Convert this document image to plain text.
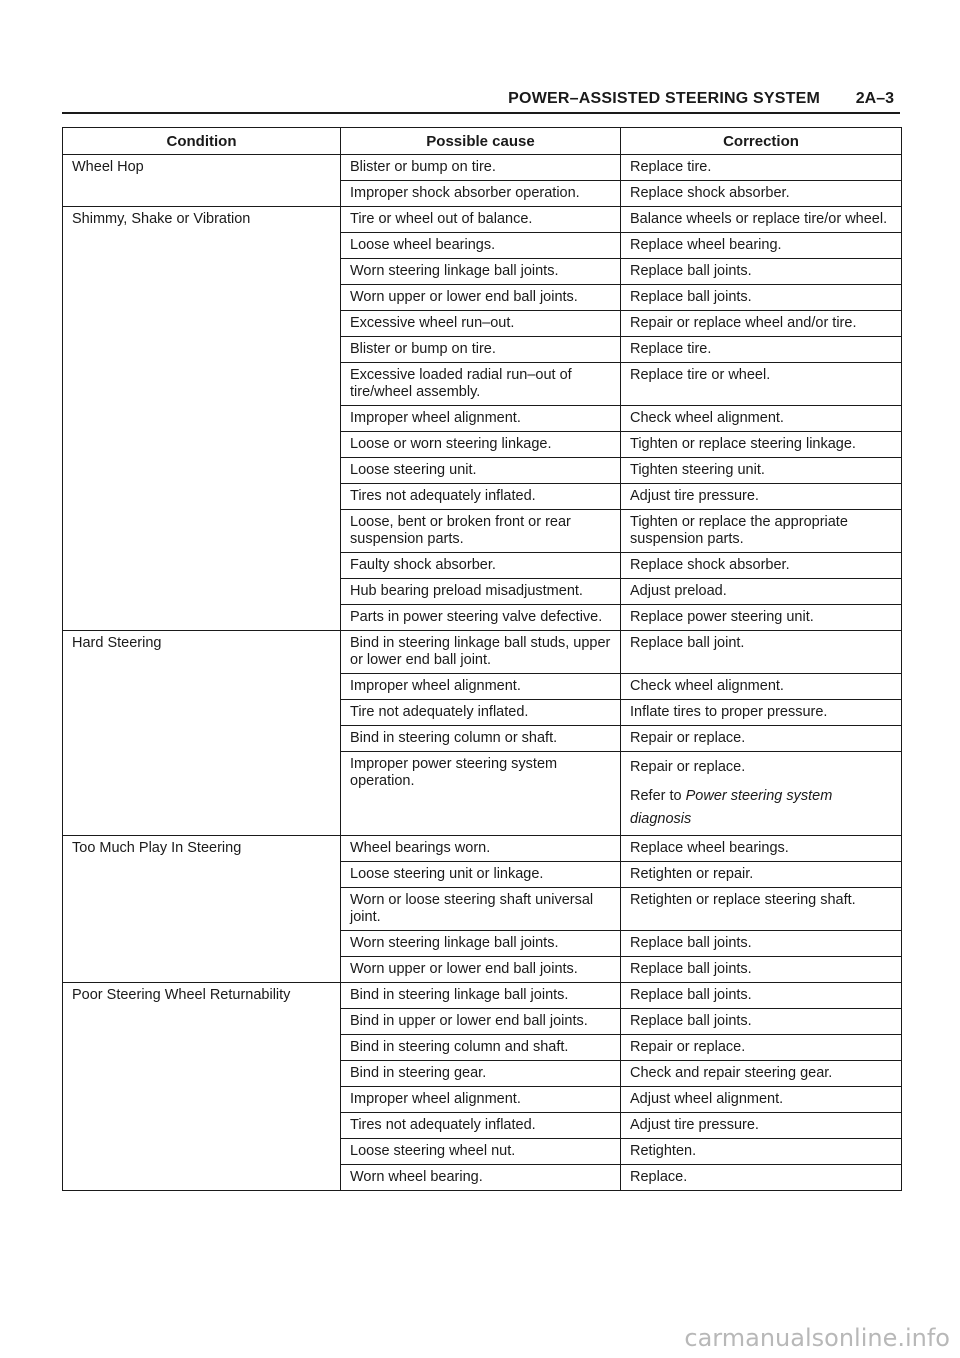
POWER–ASSISTED STEERING SYSTEM 2A–3
Condition	Possible cause	Correction
Wheel Hop	Blister or bump on tire.	Replace tire.
	Improper shock absorber operation.	Replace shock absorber.
Shimmy, Shake or Vibration	Tire or wheel out of balance.	Balance wheels or replace tire/or wheel.
	Loose wheel bearings.	Replace wheel bearing.
	Worn steering linkage ball joints.	Replace ball joints.
	Worn upper or lower end ball joints.	Replace ball joints.
	Excessive wheel run–out.	Repair or replace wheel and/or tire.
	Blister or bump on tire.	Replace tire.
	Excessive loaded radial run–out of tire/wheel assembly.	Replace tire or wheel.
	Improper wheel alignment.	Check wheel alignment.
	Loose or worn steering linkage.	Tighten or replace steering linkage.
	Loose steering unit.	Tighten steering unit.
	Tires not adequately inflated.	Adjust tire pressure.
	Loose, bent or broken front or rear suspension parts.	Tighten or replace the appropriate suspension parts.
	Faulty shock absorber.	Replace shock absorber.
	Hub bearing preload misadjustment.	Adjust preload.
	Parts in power steering valve defective.	Replace power steering unit.
Hard Steering	Bind in steering linkage ball studs, upper or lower end ball joint.	Replace ball joint.
	Improper wheel alignment.	Check wheel alignment.
	Tire not adequately inflated.	Inflate tires to proper pressure.
	Bind in steering column or shaft.	Repair or replace.
	Improper power steering system operation.	Repair or replace.
Refer to Power steering system diagnosis

Too Much Play In Steering	Wheel bearings worn.	Replace wheel bearings.
	Loose steering unit or linkage.	Retighten or repair.
	Worn or loose steering shaft universal joint.	Retighten or replace steering shaft.
	Worn steering linkage ball joints.	Replace ball joints.
	Worn upper or lower end ball joints.	Replace ball joints.
Poor Steering Wheel Returnability	Bind in steering linkage ball joints.	Replace ball joints.
	Bind in upper or lower end ball joints.	Replace ball joints.
	Bind in steering column and shaft.	Repair or replace.
	Bind in steering gear.	Check and repair steering gear.
	Improper wheel alignment.	Adjust wheel alignment.
	Tires not adequately inflated.	Adjust tire pressure.
	Loose steering wheel nut.	Retighten.
	Worn wheel bearing.	Replace.
carmanualsonline.info
